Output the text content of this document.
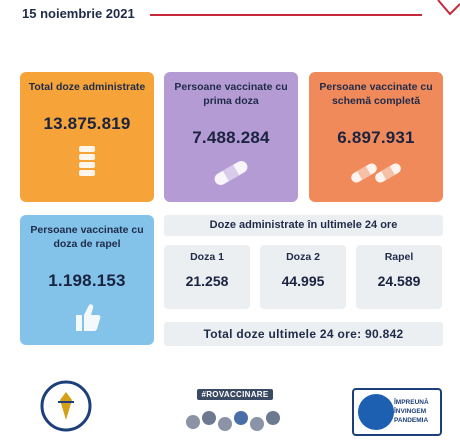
15 noiembrie 2021
Total doze administrate
13.875.819
Persoane vaccinate cu prima doza
7.488.284
Persoane vaccinate cu schemă completă
6.897.931
Persoane vaccinate cu doza de rapel
1.198.153
Doze administrate în ultimele 24 ore
Doza 1
21.258
Doza 2
44.995
Rapel
24.589
Total doze ultimele 24 ore: 90.842
#ROVACCINARE
ÎMPREUNĂ
ÎNVINGEM
PANDEMIA
